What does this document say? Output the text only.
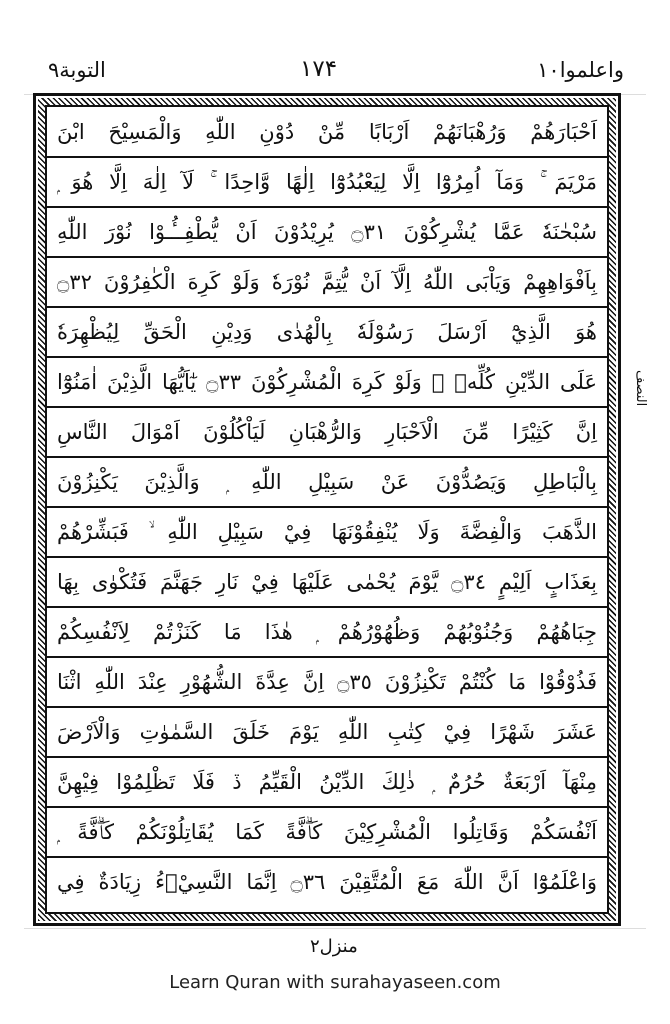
التوبة۹	۱۷۴	واعلموا۱۰
اَحْبَارَهُمْ وَرُهْبَانَهُمْ اَرْبَابًا مِّنْ دُوْنِ اللّٰهِ وَالْمَسِيْحَ ابْنَ
مَرْيَمَ ۚ وَمَآ اُمِرُوْٓا اِلَّا لِيَعْبُدُوْٓا اِلٰهًا وَّاحِدًا ۚ لَآ اِلٰهَ اِلَّا هُوَ ۭ
سُبْحٰنَهٗ عَمَّا يُشْرِكُوْنَ ۝٣١ يُرِيْدُوْنَ اَنْ يُّطْفِــُٔـوْا نُوْرَ اللّٰهِ
بِاَفْوَاهِهِمْ وَيَاْبَى اللّٰهُ اِلَّآ اَنْ يُّتِمَّ نُوْرَهٗ وَلَوْ كَرِهَ الْكٰفِرُوْنَ ۝٣٢
هُوَ الَّذِيْٓ اَرْسَلَ رَسُوْلَهٗ بِالْهُدٰى وَدِيْنِ الْحَقِّ لِيُظْهِرَهٗ
عَلَى الدِّيْنِ كُلِّهٖ ۙ وَلَوْ كَرِهَ الْمُشْرِكُوْنَ ۝٣٣ يٰٓاَيُّهَا الَّذِيْنَ اٰمَنُوْٓا
اِنَّ كَثِيْرًا مِّنَ الْاَحْبَارِ وَالرُّهْبَانِ لَيَاْكُلُوْنَ اَمْوَالَ النَّاسِ
بِالْبَاطِلِ وَيَصُدُّوْنَ عَنْ سَبِيْلِ اللّٰهِ ۭ وَالَّذِيْنَ يَكْنِزُوْنَ
الذَّهَبَ وَالْفِضَّةَ وَلَا يُنْفِقُوْنَهَا فِيْ سَبِيْلِ اللّٰهِ ۙ فَبَشِّرْهُمْ
بِعَذَابٍ اَلِيْمٍ ۝٣٤ يَّوْمَ يُحْمٰى عَلَيْهَا فِيْ نَارِ جَهَنَّمَ فَتُكْوٰى بِهَا
جِبَاهُهُمْ وَجُنُوْبُهُمْ وَظُهُوْرُهُمْ ۭ هٰذَا مَا كَنَزْتُمْ لِاَنْفُسِكُمْ
فَذُوْقُوْا مَا كُنْتُمْ تَكْنِزُوْنَ ۝٣٥ اِنَّ عِدَّةَ الشُّهُوْرِ عِنْدَ اللّٰهِ اثْنَا
عَشَرَ شَهْرًا فِيْ كِتٰبِ اللّٰهِ يَوْمَ خَلَقَ السَّمٰوٰتِ وَالْاَرْضَ
مِنْهَآ اَرْبَعَةٌ حُرُمٌ ۭ ذٰلِكَ الدِّيْنُ الْقَيِّمُ ڏ فَلَا تَظْلِمُوْا فِيْهِنَّ
اَنْفُسَكُمْ وَقَاتِلُوا الْمُشْرِكِيْنَ كَاۗفَّةً كَمَا يُقَاتِلُوْنَكُمْ كَاۗفَّةً ۭ
وَاعْلَمُوْٓا اَنَّ اللّٰهَ مَعَ الْمُتَّقِيْنَ ۝٣٦ اِنَّمَا النَّسِيْۗءُ زِيَادَةٌ فِي
النصف
منزل۲
Learn Quran with surahayaseen.com
